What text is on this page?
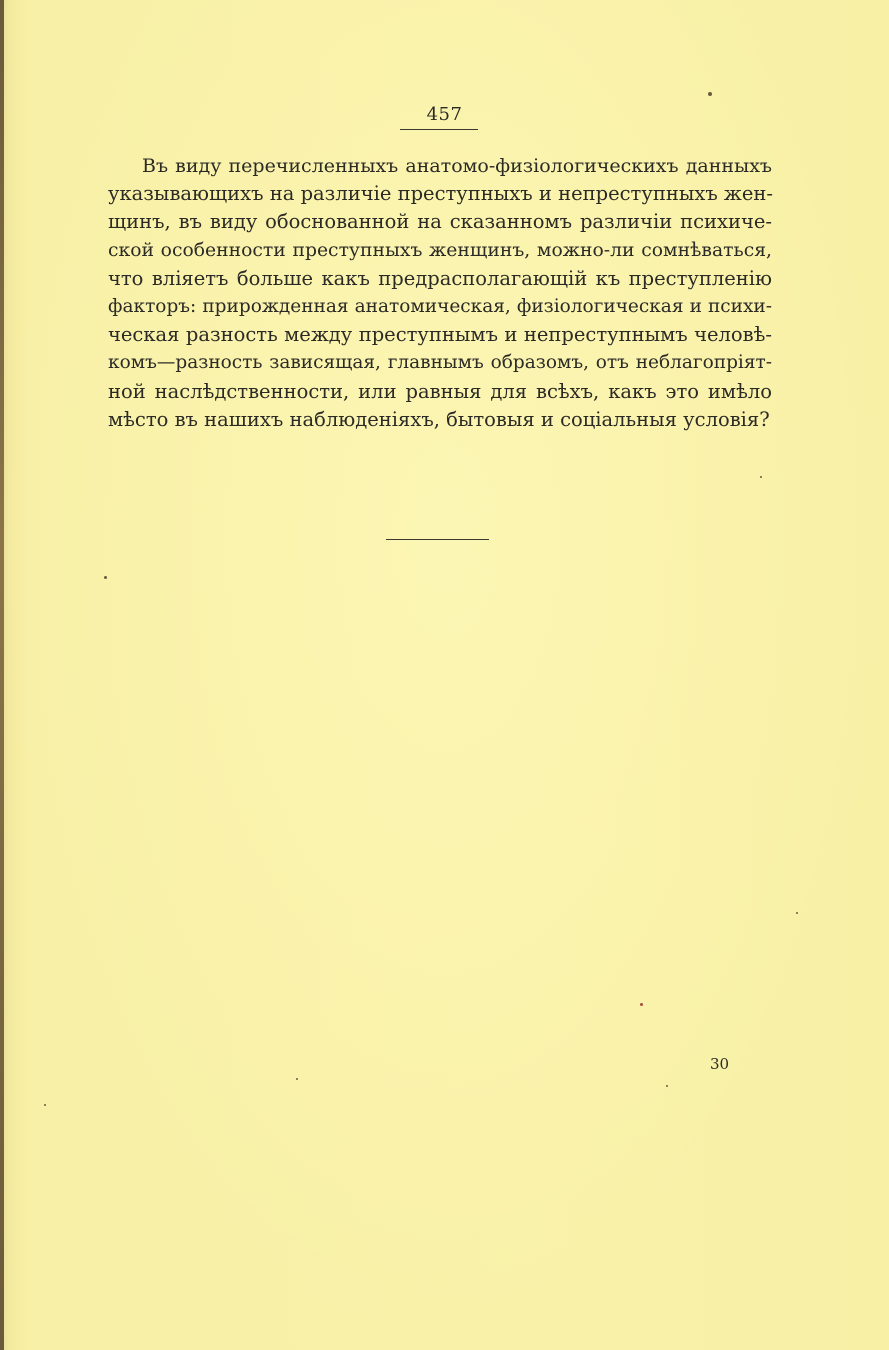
457
Въ виду перечисленныхъ анатомо-физіологическихъ данныхъ
указывающихъ на различіе преступныхъ и непреступныхъ жен-
щинъ, въ виду обоснованной на сказанномъ различіи психиче-
ской особенности преступныхъ женщинъ, можно-ли сомнѣваться,
что вліяетъ больше какъ предрасполагающій къ преступленію
факторъ: прирожденная анатомическая, физіологическая и психи-
ческая разность между преступнымъ и непреступнымъ человѣ-
комъ—разность зависящая, главнымъ образомъ, отъ неблагопріят-
ной наслѣдственности, или равныя для всѣхъ, какъ это имѣло
мѣсто въ нашихъ наблюденіяхъ, бытовыя и соціальныя условія?
30
